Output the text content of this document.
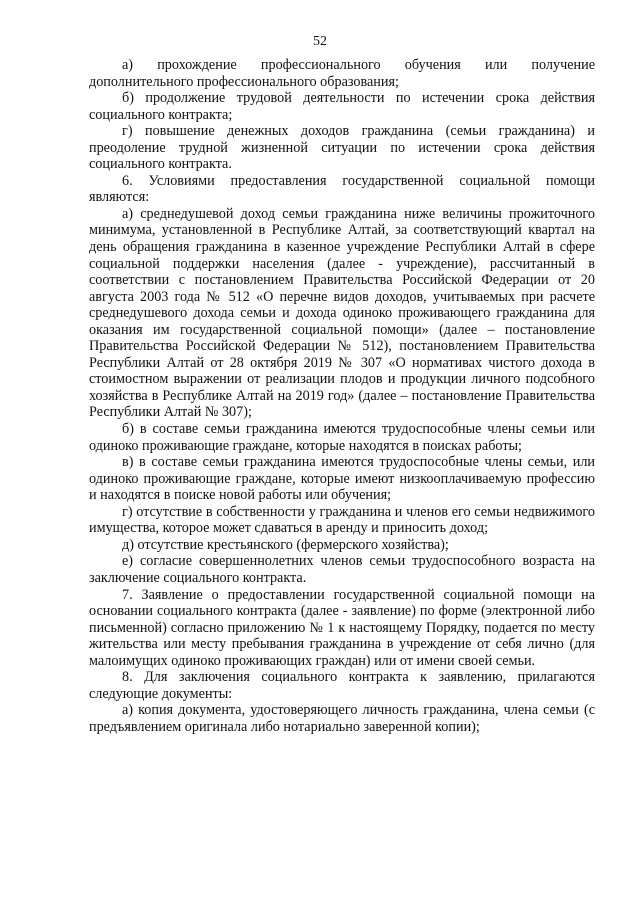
52

а) прохождение профессионального обучения или получение дополнительного профессионального образования;

б) продолжение трудовой деятельности по истечении срока действия социального контракта;

г) повышение денежных доходов гражданина (семьи гражданина) и преодоление трудной жизненной ситуации по истечении срока действия социального контракта.

6. Условиями предоставления государственной социальной помощи являются:

а) среднедушевой доход семьи гражданина ниже величины прожиточного минимума, установленной в Республике Алтай, за соответствующий квартал на день обращения гражданина в казенное учреждение Республики Алтай в сфере социальной поддержки населения (далее - учреждение), рассчитанный в соответствии с постановлением Правительства Российской Федерации от 20 августа 2003 года № 512 «О перечне видов доходов, учитываемых при расчете среднедушевого дохода семьи и дохода одиноко проживающего гражданина для оказания им государственной социальной помощи» (далее – постановление Правительства Российской Федерации № 512), постановлением Правительства Республики Алтай от 28 октября 2019 № 307 «О нормативах чистого дохода в стоимостном выражении от реализации плодов и продукции личного подсобного хозяйства в Республике Алтай на 2019 год» (далее – постановление Правительства Республики Алтай № 307);

б) в составе семьи гражданина имеются трудоспособные члены семьи или одиноко проживающие граждане, которые находятся в поисках работы;

в) в составе семьи гражданина имеются трудоспособные члены семьи, или одиноко проживающие граждане, которые имеют низкооплачиваемую профессию и находятся в поиске новой работы или обучения;

г) отсутствие в собственности у гражданина и членов его семьи недвижимого имущества, которое может сдаваться в аренду и приносить доход;

д) отсутствие крестьянского (фермерского хозяйства);

е) согласие совершеннолетних членов семьи трудоспособного возраста на заключение социального контракта.

7. Заявление о предоставлении государственной социальной помощи на основании социального контракта (далее - заявление) по форме (электронной либо письменной) согласно приложению № 1 к настоящему Порядку, подается по месту жительства или месту пребывания гражданина в учреждение от себя лично (для малоимущих одиноко проживающих граждан) или от имени своей семьи.

8. Для заключения социального контракта к заявлению, прилагаются следующие документы:

а) копия документа, удостоверяющего личность гражданина, члена семьи (с предъявлением оригинала либо нотариально заверенной копии);
